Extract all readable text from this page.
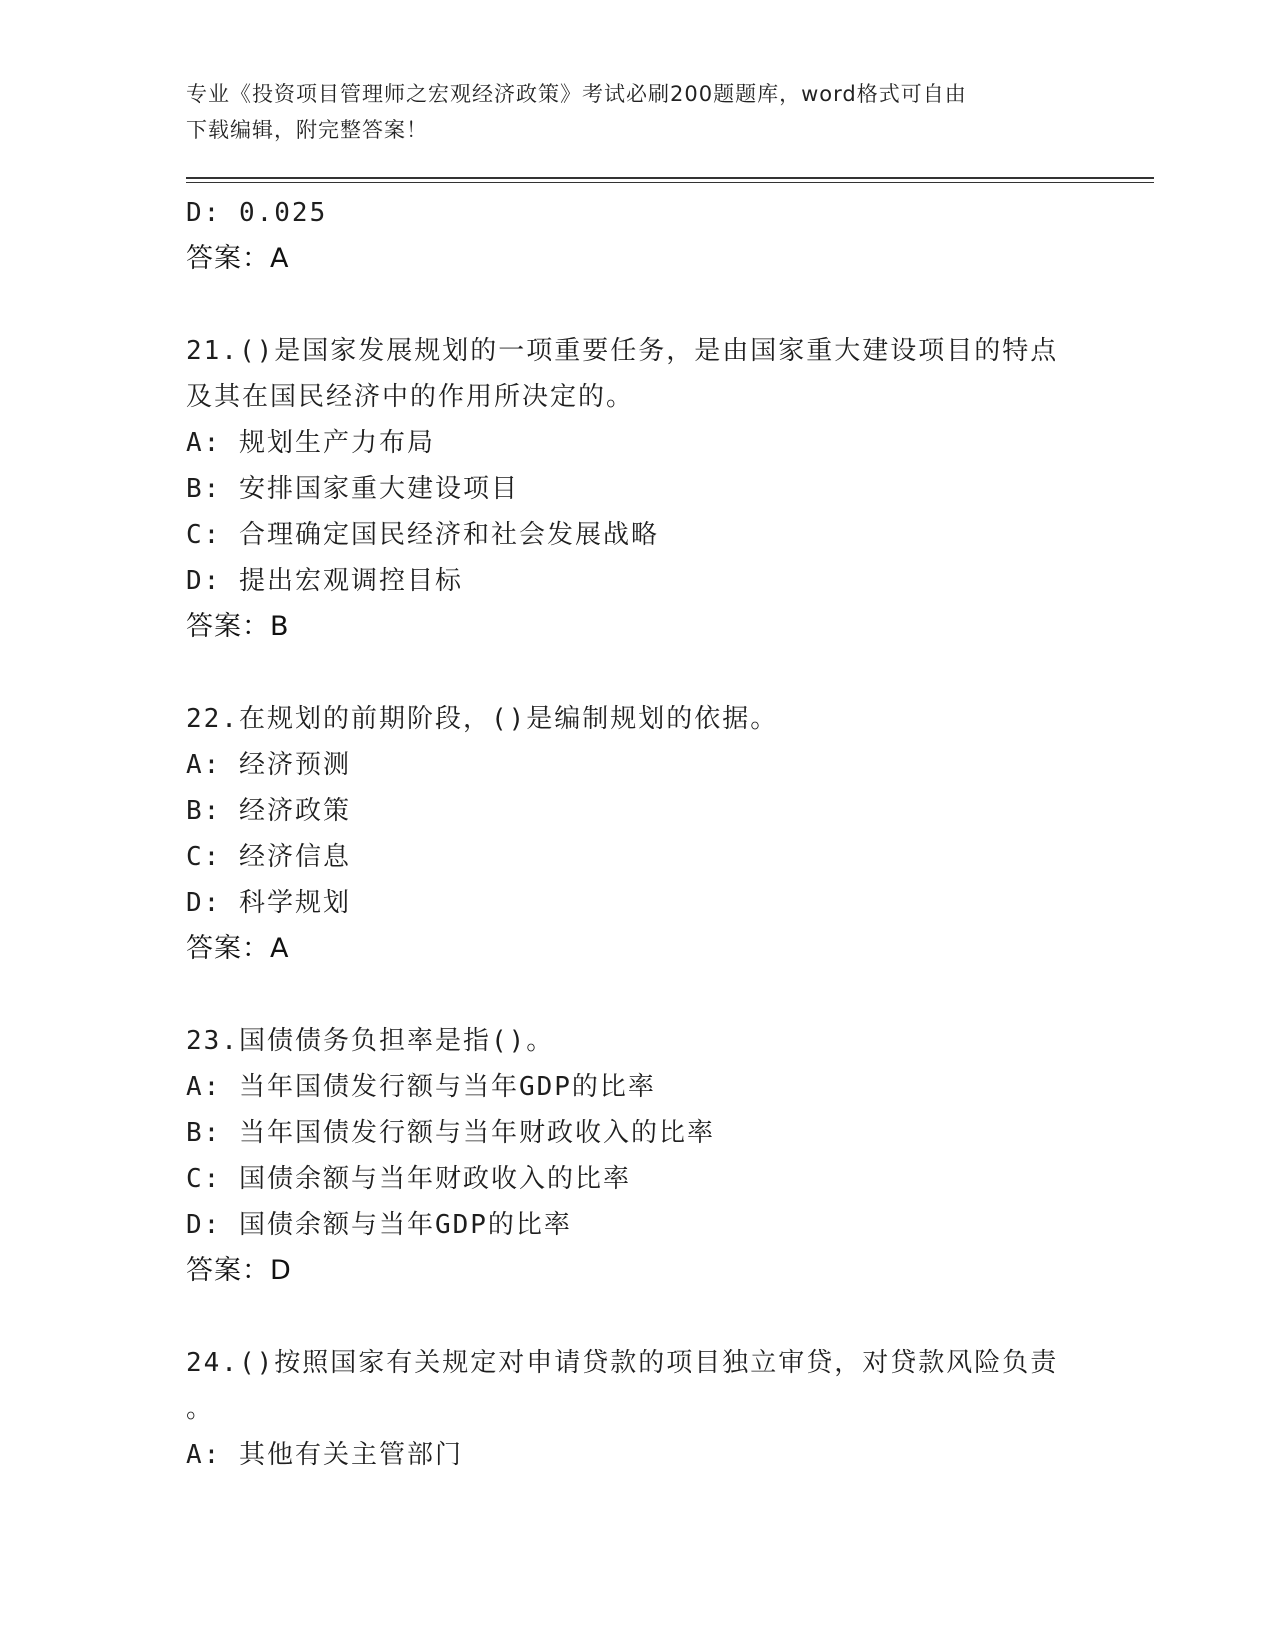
专业《投资项目管理师之宏观经济政策》考试必刷200题题库，word格式可自由
下载编辑，附完整答案！
D: 0.025
答案：A
21.()是国家发展规划的一项重要任务，是由国家重大建设项目的特点
及其在国民经济中的作用所决定的。
A: 规划生产力布局
B: 安排国家重大建设项目
C: 合理确定国民经济和社会发展战略
D: 提出宏观调控目标
答案：B
22.在规划的前期阶段，()是编制规划的依据。
A: 经济预测
B: 经济政策
C: 经济信息
D: 科学规划
答案：A
23.国债债务负担率是指()。
A: 当年国债发行额与当年GDP的比率
B: 当年国债发行额与当年财政收入的比率
C: 国债余额与当年财政收入的比率
D: 国债余额与当年GDP的比率
答案：D
24.()按照国家有关规定对申请贷款的项目独立审贷，对贷款风险负责
。
A: 其他有关主管部门
